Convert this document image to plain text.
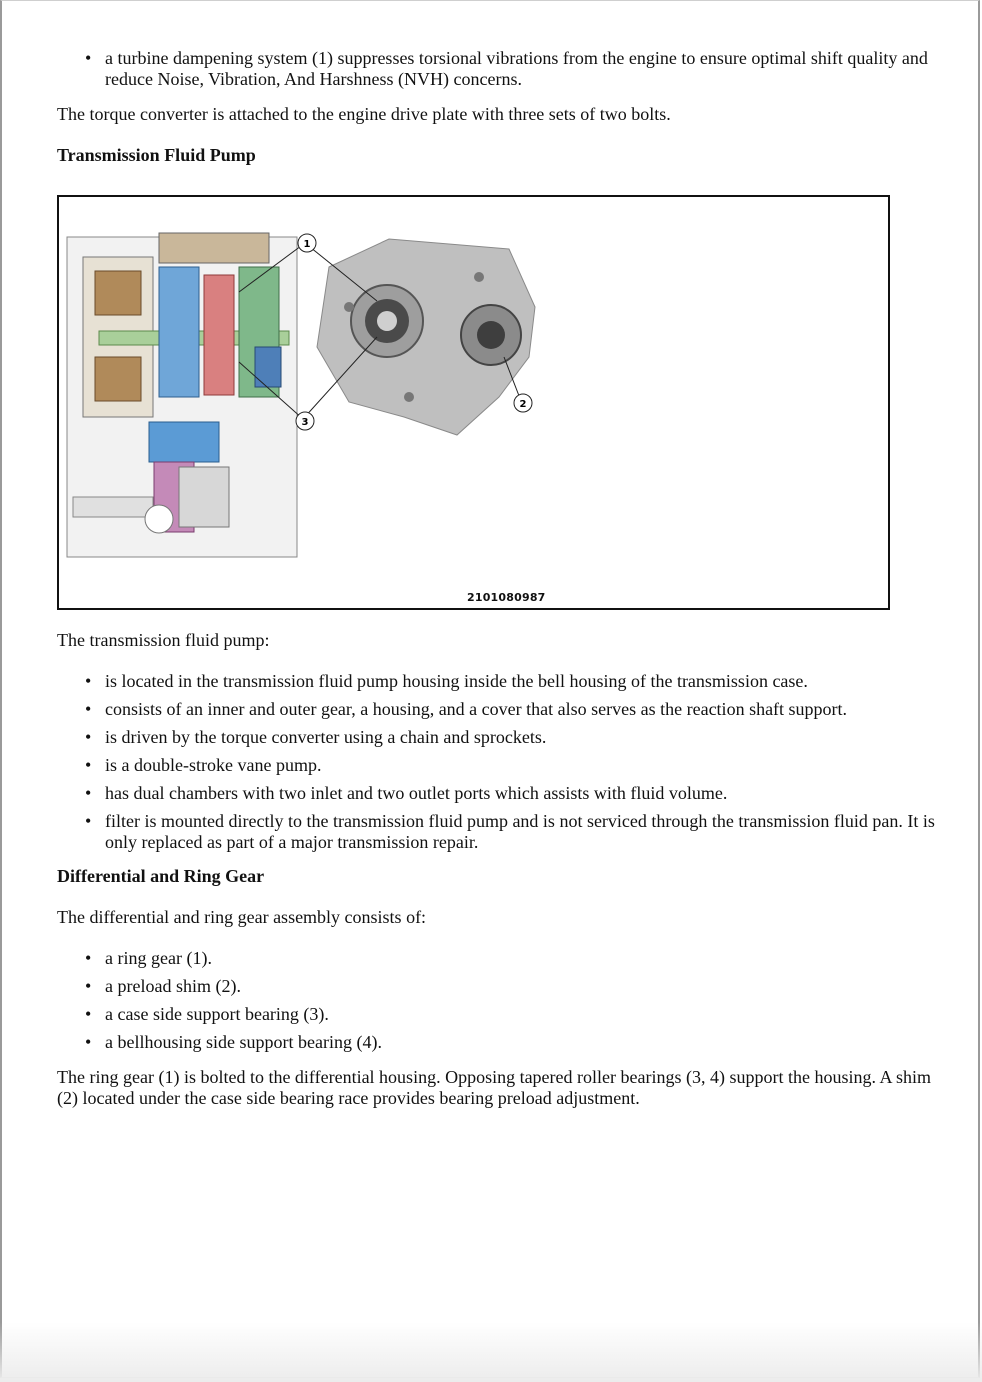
• a turbine dampening system (1) suppresses torsional vibrations from the engine to ensure optimal shift quality and reduce Noise, Vibration, And Harshness (NVH) concerns.

The torque converter is attached to the engine drive plate with three sets of two bolts.

Transmission Fluid Pump

1
2
3
2101080987

The transmission fluid pump:

• is located in the transmission fluid pump housing inside the bell housing of the transmission case.
• consists of an inner and outer gear, a housing, and a cover that also serves as the reaction shaft support.
• is driven by the torque converter using a chain and sprockets.
• is a double-stroke vane pump.
• has dual chambers with two inlet and two outlet ports which assists with fluid volume.
• filter is mounted directly to the transmission fluid pump and is not serviced through the transmission fluid pan. It is only replaced as part of a major transmission repair.

Differential and Ring Gear

The differential and ring gear assembly consists of:

• a ring gear (1).
• a preload shim (2).
• a case side support bearing (3).
• a bellhousing side support bearing (4).

The ring gear (1) is bolted to the differential housing. Opposing tapered roller bearings (3, 4) support the housing. A shim (2) located under the case side bearing race provides bearing preload adjustment.
